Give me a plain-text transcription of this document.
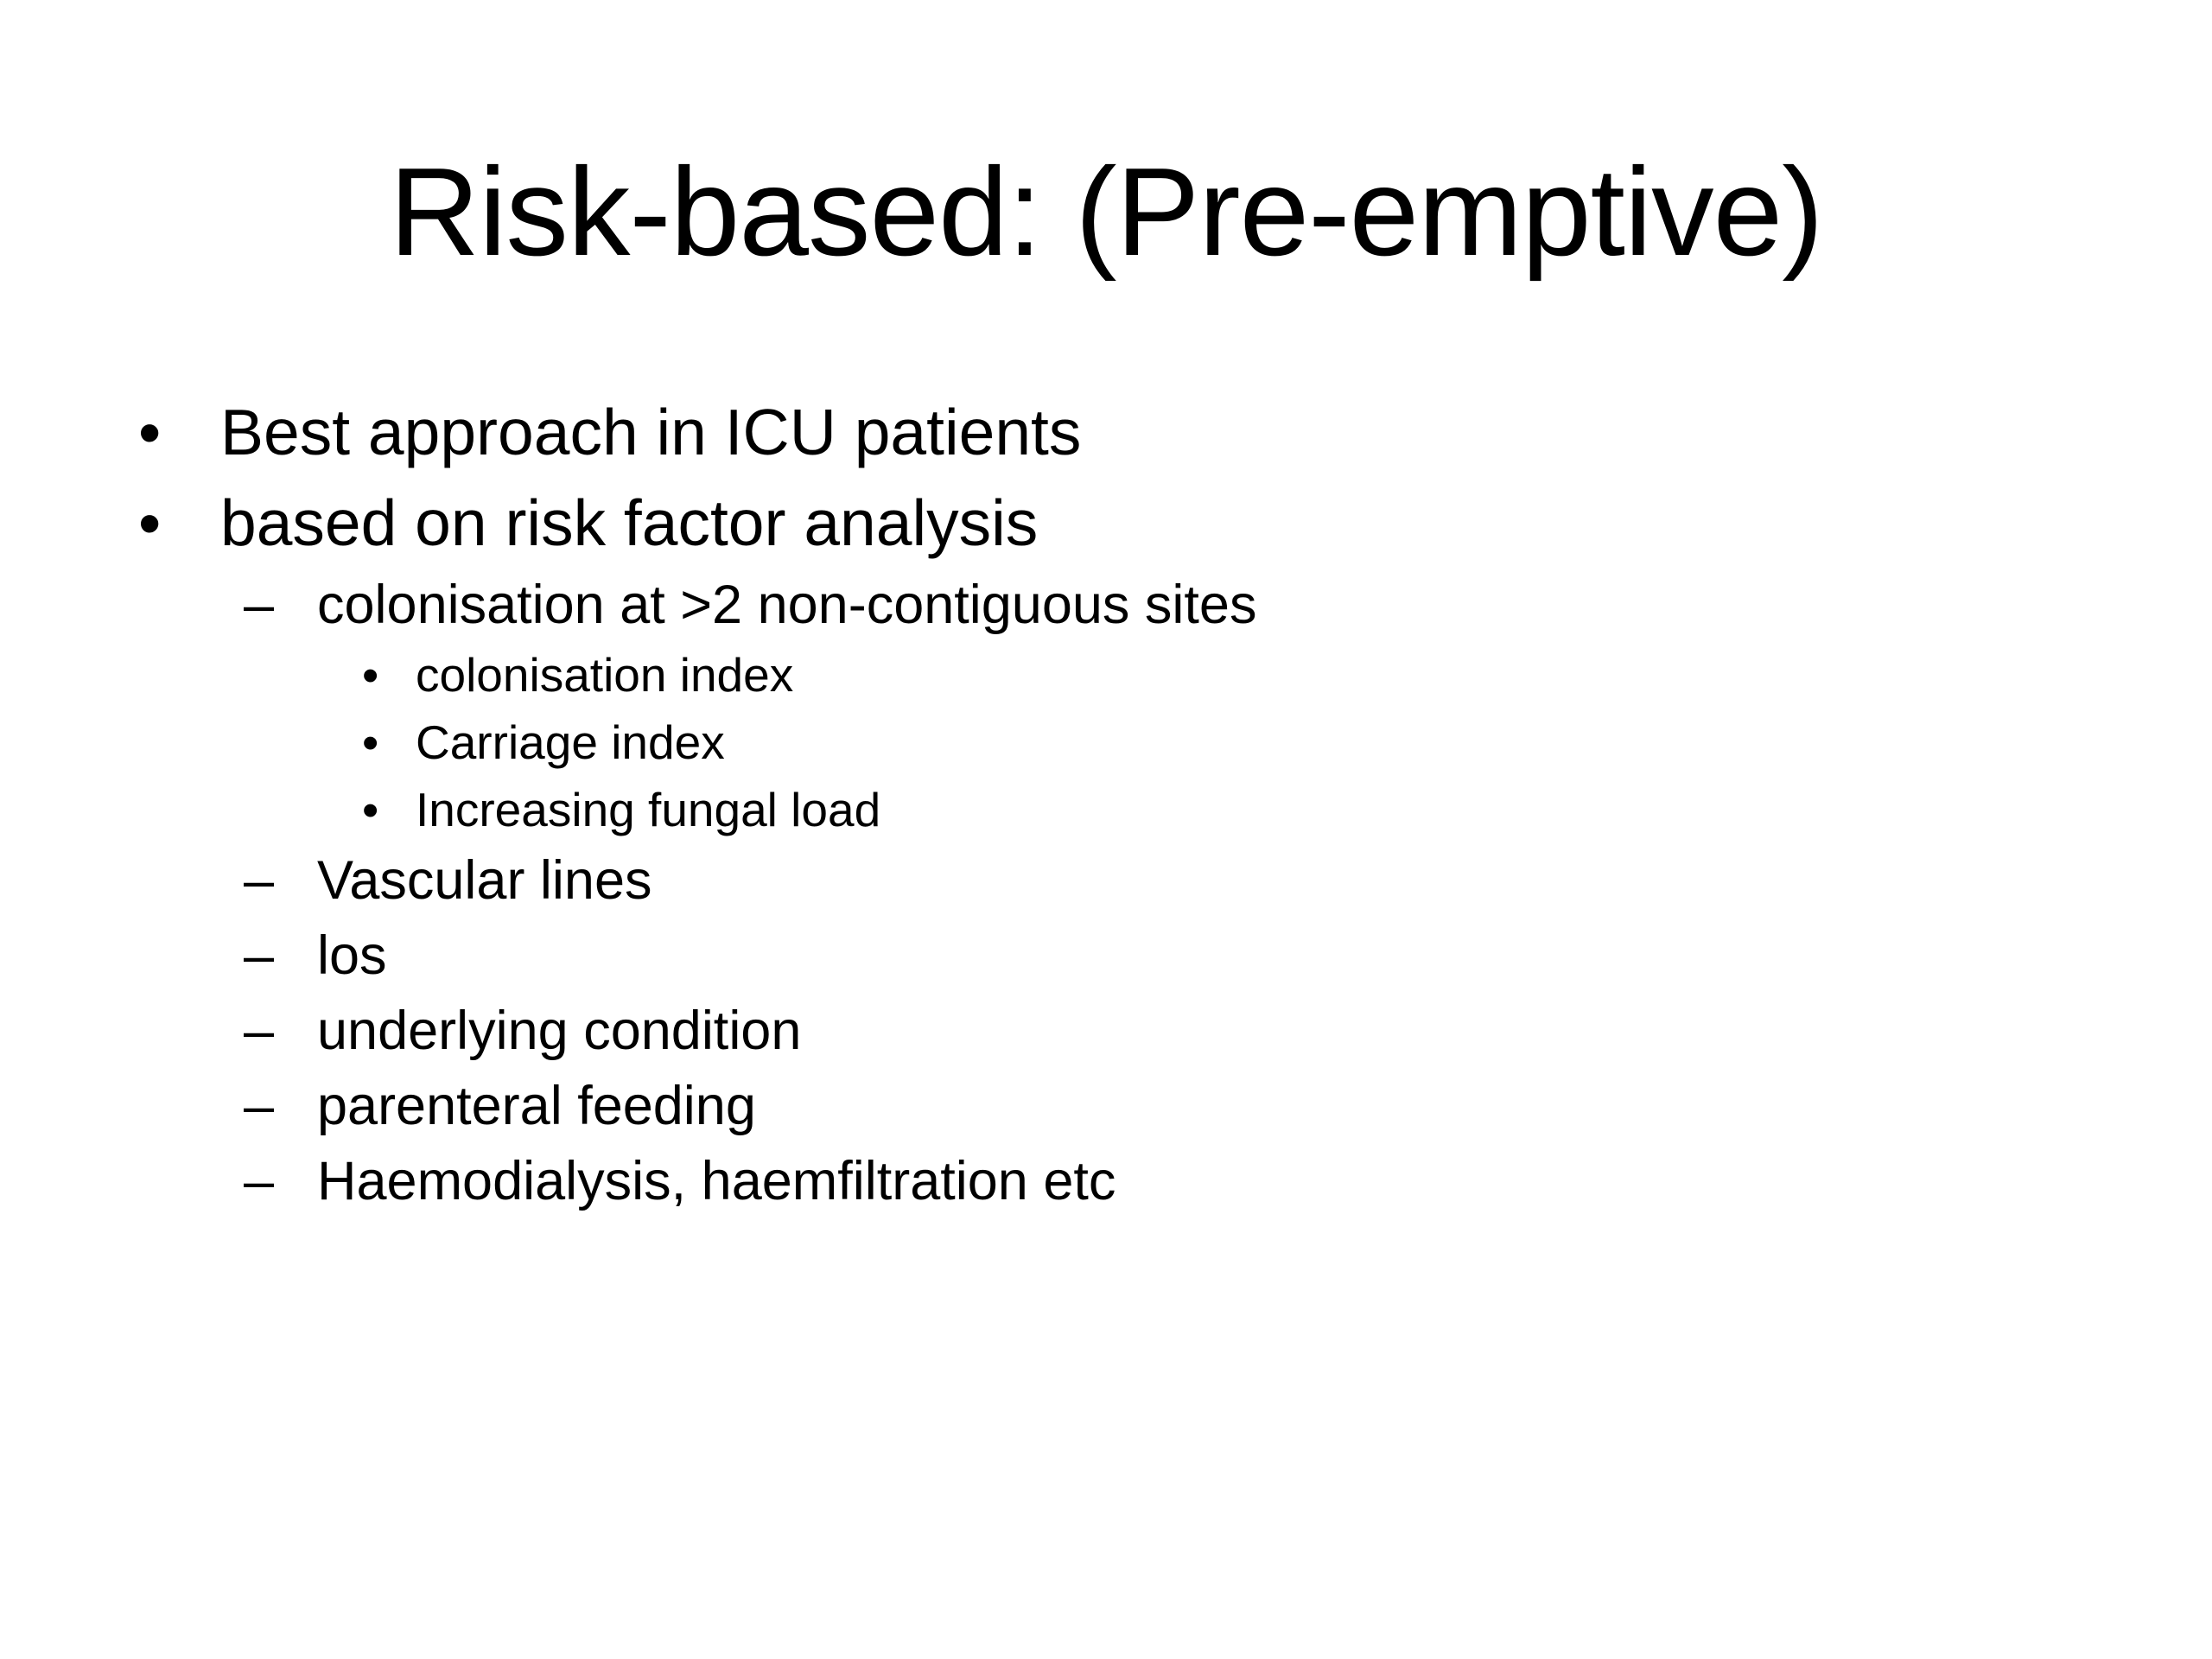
Risk-based: (Pre-emptive)
• Best approach in ICU patients
• based on risk factor analysis
– colonisation at >2 non-contiguous sites
• colonisation index
• Carriage index
• Increasing fungal load
– Vascular lines
– los
– underlying condition
– parenteral feeding
– Haemodialysis, haemfiltration etc
